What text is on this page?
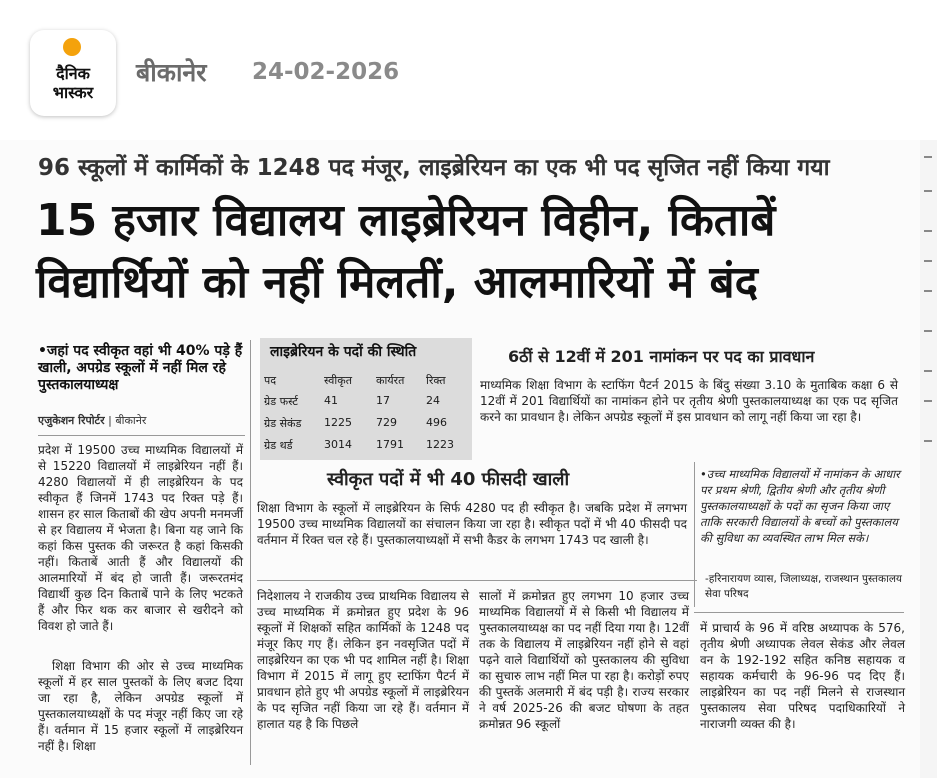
दैनिक
भास्कर
बीकानेर 24-02-2026
96 स्कूलों में कार्मिकों के 1248 पद मंजूर, लाइब्रेरियन का एक भी पद सृजित नहीं किया गया
15 हजार विद्यालय लाइब्रेरियन विहीन, किताबें
विद्यार्थियों को नहीं मिलतीं, आलमारियों में बंद
•जहां पद स्वीकृत वहां भी 40% पड़े हैं खाली, अपग्रेड स्कूलों में नहीं मिल रहे पुस्तकालयाध्यक्ष
एजुकेशन रिपोर्टर | बीकानेर
प्रदेश में 19500 उच्च माध्यमिक विद्यालयों में से 15220 विद्यालयों में लाइब्रेरियन नहीं हैं। 4280 विद्यालयों में ही लाइब्रेरियन के पद स्वीकृत हैं जिनमें 1743 पद रिक्त पड़े हैं। शासन हर साल किताबों की खेप अपनी मनमर्जी से हर विद्यालय में भेजता है। बिना यह जाने कि कहां किस पुस्तक की जरूरत है कहां किसकी नहीं। किताबें आती हैं और विद्यालयों की आलमारियों में बंद हो जाती हैं। जरूरतमंद विद्यार्थी कुछ दिन किताबें पाने के लिए भटकते हैं और फिर थक कर बाजार से खरीदने को विवश हो जाते हैं।
शिक्षा विभाग की ओर से उच्च माध्यमिक स्कूलों में हर साल पुस्तकों के लिए बजट दिया जा रहा है, लेकिन अपग्रेड स्कूलों में पुस्तकालयाध्यक्षों के पद मंजूर नहीं किए जा रहे हैं। वर्तमान में 15 हजार स्कूलों में लाइब्रेरियन नहीं है। शिक्षा
लाइब्रेरियन के पदों की स्थिति
पद	स्वीकृत कार्यरत रिक्त
ग्रेड फर्स्ट 41	17	24
ग्रेड सेकंड 1225 729	496
ग्रेड थर्ड	3014 1791 1223
6ठीं से 12वीं में 201 नामांकन पर पद का प्रावधान
माध्यमिक शिक्षा विभाग के स्टाफिंग पैटर्न 2015 के बिंदु संख्या 3.10 के मुताबिक कक्षा 6 से 12वीं में 201 विद्यार्थियों का नामांकन होने पर तृतीय श्रेणी पुस्तकालयाध्यक्ष का एक पद सृजित करने का प्रावधान है। लेकिन अपग्रेड स्कूलों में इस प्रावधान को लागू नहीं किया जा रहा है।
स्वीकृत पदों में भी 40 फीसदी खाली
शिक्षा विभाग के स्कूलों में लाइब्रेरियन के सिर्फ 4280 पद ही स्वीकृत है। जबकि प्रदेश में लगभग 19500 उच्च माध्यमिक विद्यालयों का संचालन किया जा रहा है। स्वीकृत पदों में भी 40 फीसदी पद वर्तमान में रिक्त चल रहे हैं। पुस्तकालयाध्यक्षों में सभी कैडर के लगभग 1743 पद खाली है।
•उच्च माध्यमिक विद्यालयों में नामांकन के आधार पर प्रथम श्रेणी, द्वितीय श्रेणी और तृतीय श्रेणी पुस्तकालयाध्यक्षों के पदों का सृजन किया जाए ताकि सरकारी विद्यालयों के बच्चों को पुस्तकालय की सुविधा का व्यवस्थित लाभ मिल सके।
-हरिनारायण व्यास, जिलाध्यक्ष, राजस्थान पुस्तकालय सेवा परिषद
निदेशालय ने राजकीय उच्च प्राथमिक विद्यालय से उच्च माध्यमिक में क्रमोन्नत हुए प्रदेश के 96 स्कूलों में शिक्षकों सहित कार्मिकों के 1248 पद मंजूर किए गए हैं। लेकिन इन नवसृजित पदों में लाइब्रेरियन का एक भी पद शामिल नहीं है। शिक्षा विभाग में 2015 में लागू हुए स्टाफिंग पैटर्न में प्रावधान होते हुए भी अपग्रेड स्कूलों में लाइब्रेरियन के पद सृजित नहीं किया जा रहे हैं। वर्तमान में हालात यह है कि पिछले
सालों में क्रमोन्नत हुए लगभग 10 हजार उच्च माध्यमिक विद्यालयों में से किसी भी विद्यालय में पुस्तकालयाध्यक्ष का पद नहीं दिया गया है। 12वीं तक के विद्यालय में लाइब्रेरियन नहीं होने से वहां पढ़ने वाले विद्यार्थियों को पुस्तकालय की सुविधा का सुचारु लाभ नहीं मिल पा रहा है। करोड़ों रुपए की पुस्तकें अलमारी में बंद पड़ी है। राज्य सरकार ने वर्ष 2025-26 की बजट घोषणा के तहत क्रमोन्नत 96 स्कूलों
में प्राचार्य के 96 में वरिष्ठ अध्यापक के 576, तृतीय श्रेणी अध्यापक लेवल सेकंड और लेवल वन के 192-192 सहित कनिष्ठ सहायक व सहायक कर्मचारी के 96-96 पद दिए हैं। लाइब्रेरियन का पद नहीं मिलने से राजस्थान पुस्तकालय सेवा परिषद पदाधिकारियों ने नाराजगी व्यक्त की है।
